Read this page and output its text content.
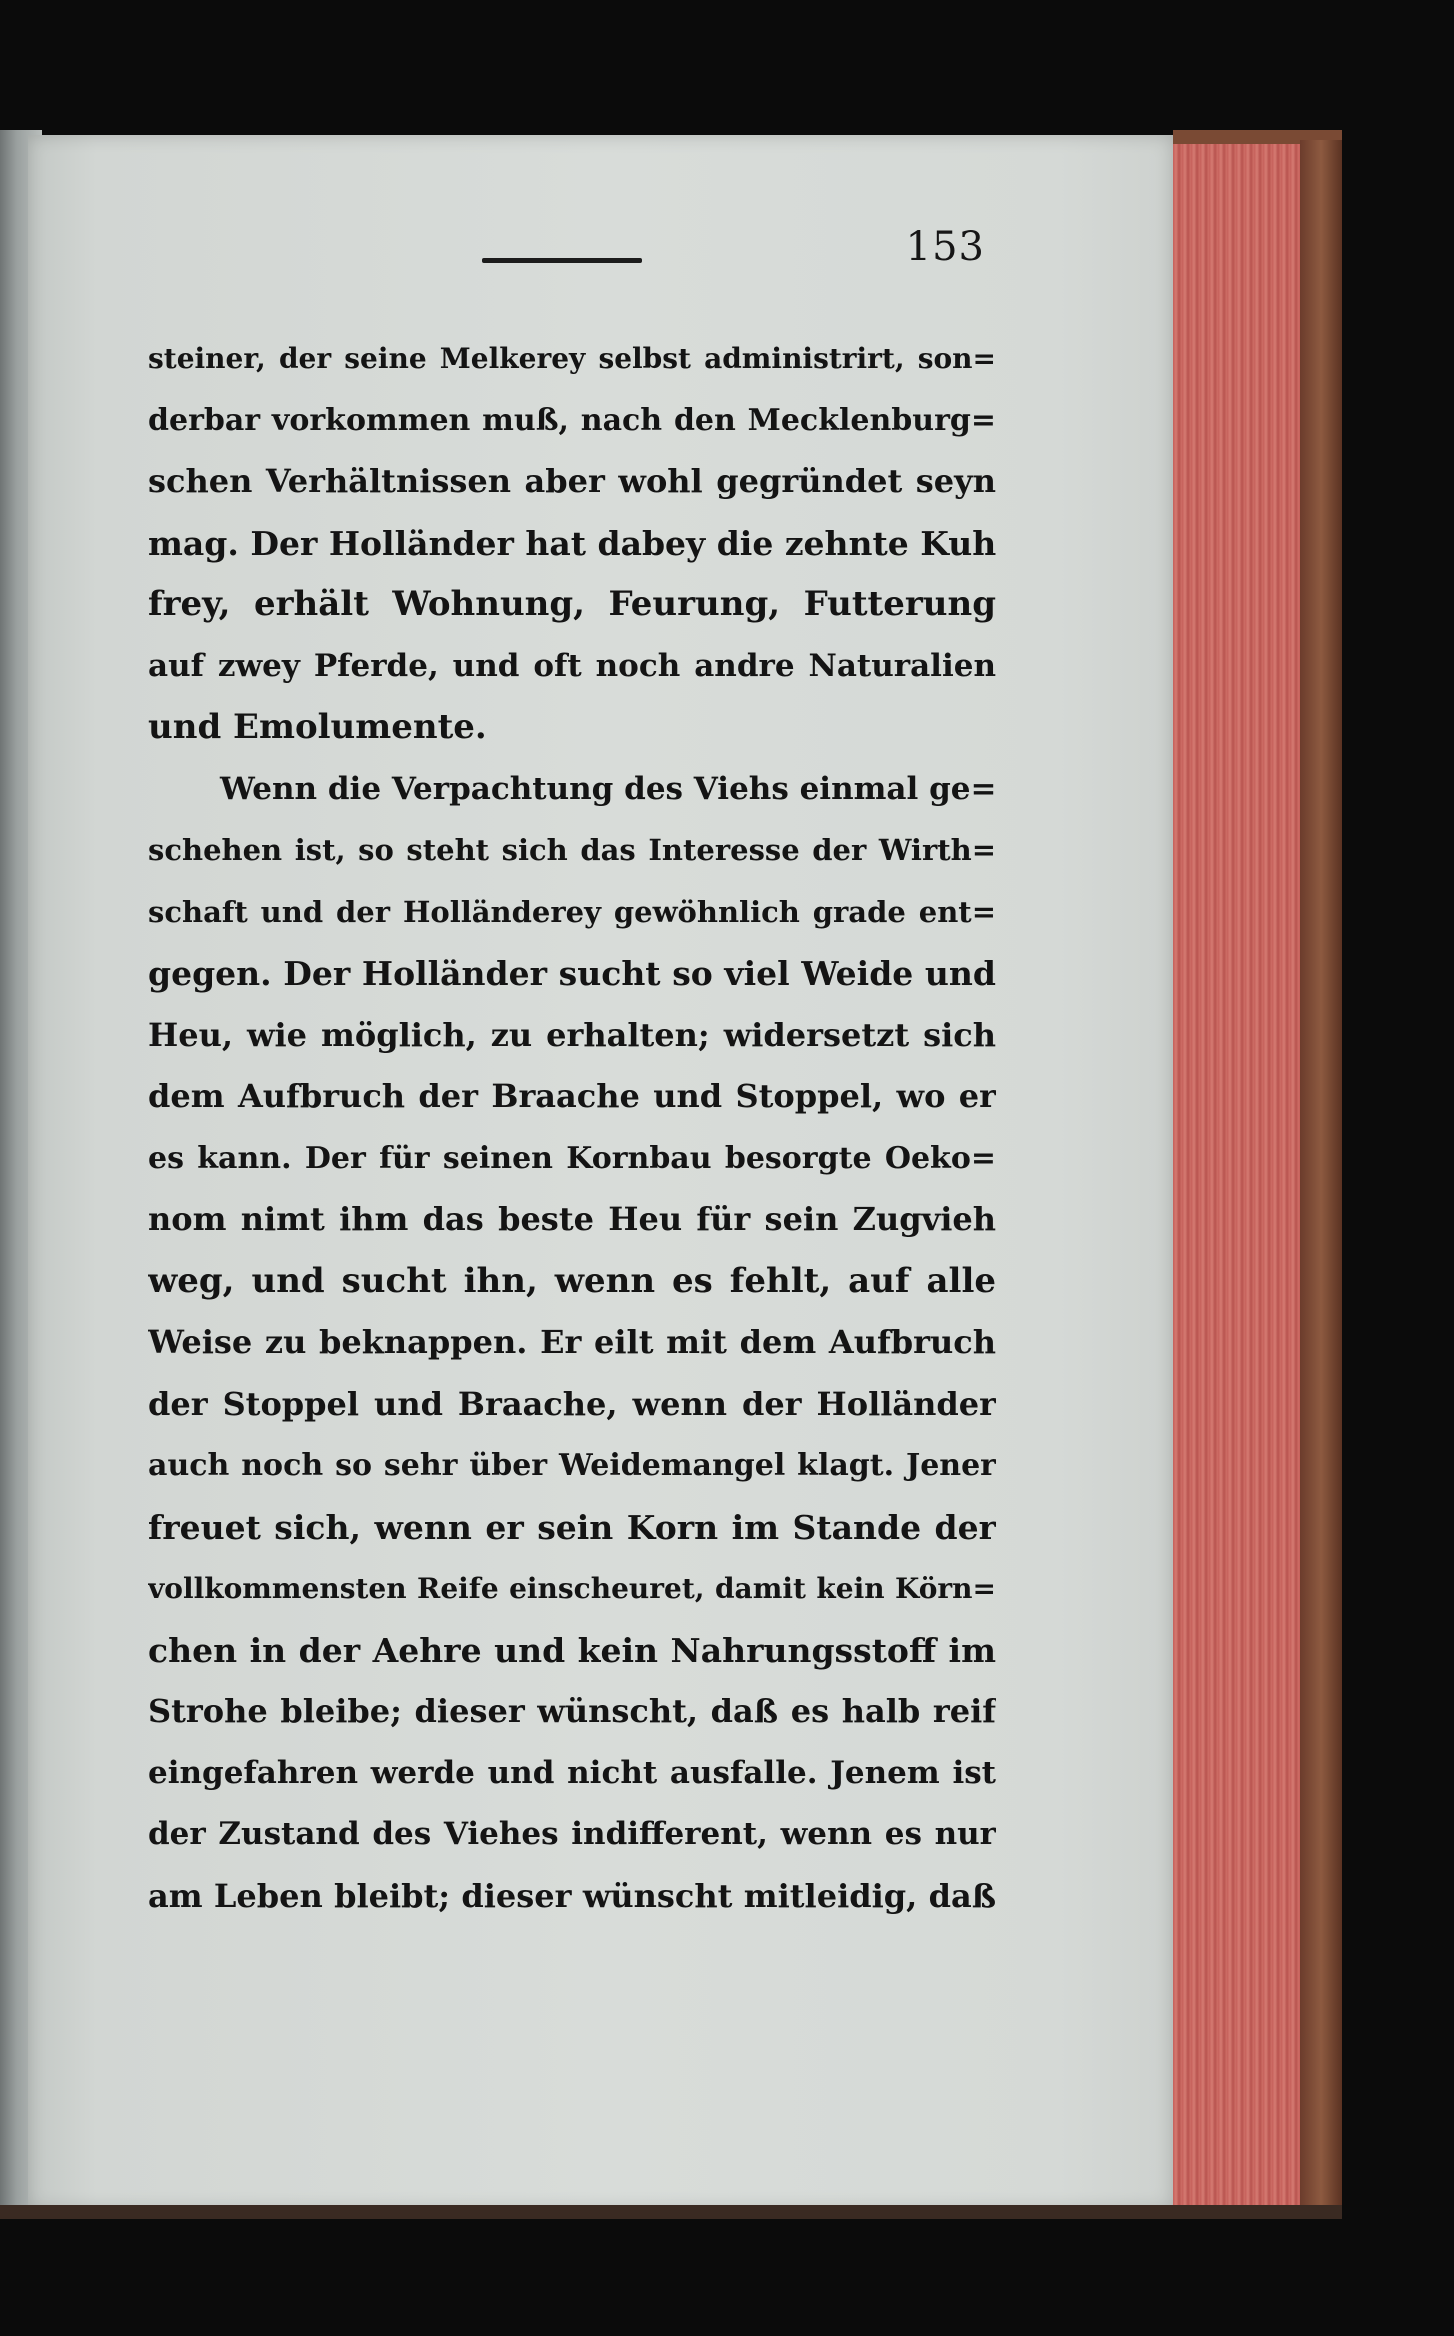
153
steiner, der seine Melkerey selbst administrirt, son=
derbar vorkommen muß, nach den Mecklenburg=
schen Verhältnissen aber wohl gegründet seyn
mag. Der Holländer hat dabey die zehnte Kuh
frey, erhält Wohnung, Feurung, Futterung
auf zwey Pferde, und oft noch andre Naturalien
und Emolumente.
Wenn die Verpachtung des Viehs einmal ge=
schehen ist, so steht sich das Interesse der Wirth=
schaft und der Holländerey gewöhnlich grade ent=
gegen. Der Holländer sucht so viel Weide und
Heu, wie möglich, zu erhalten; widersetzt sich
dem Aufbruch der Braache und Stoppel, wo er
es kann. Der für seinen Kornbau besorgte Oeko=
nom nimt ihm das beste Heu für sein Zugvieh
weg, und sucht ihn, wenn es fehlt, auf alle
Weise zu beknappen. Er eilt mit dem Aufbruch
der Stoppel und Braache, wenn der Holländer
auch noch so sehr über Weidemangel klagt. Jener
freuet sich, wenn er sein Korn im Stande der
vollkommensten Reife einscheuret, damit kein Körn=
chen in der Aehre und kein Nahrungsstoff im
Strohe bleibe; dieser wünscht, daß es halb reif
eingefahren werde und nicht ausfalle. Jenem ist
der Zustand des Viehes indifferent, wenn es nur
am Leben bleibt; dieser wünscht mitleidig, daß
